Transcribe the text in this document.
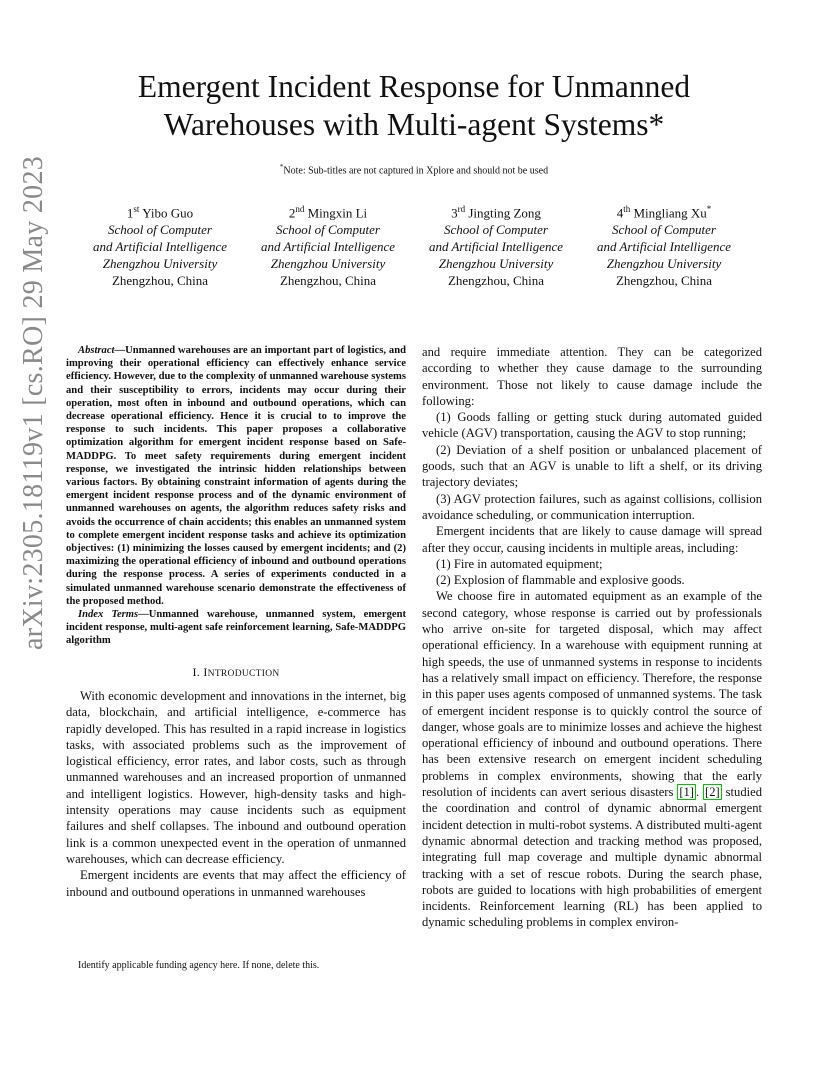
arXiv:2305.18119v1 [cs.RO] 29 May 2023
Emergent Incident Response for Unmanned
Warehouses with Multi-agent Systems*
*Note: Sub-titles are not captured in Xplore and should not be used
1st Yibo Guo
School of Computer
and Artificial Intelligence
Zhengzhou University
Zhengzhou, China
2nd Mingxin Li
School of Computer
and Artificial Intelligence
Zhengzhou University
Zhengzhou, China
3rd Jingting Zong
School of Computer
and Artificial Intelligence
Zhengzhou University
Zhengzhou, China
4th Mingliang Xu*
School of Computer
and Artificial Intelligence
Zhengzhou University
Zhengzhou, China

Abstract—Unmanned warehouses are an important part of logistics, and improving their operational efficiency can effectively enhance service efficiency. However, due to the complexity of unmanned warehouse systems and their susceptibility to errors, incidents may occur during their operation, most often in inbound and outbound operations, which can decrease operational efficiency. Hence it is crucial to to improve the response to such incidents. This paper proposes a collaborative optimization algorithm for emergent incident response based on Safe-MADDPG. To meet safety requirements during emergent incident response, we investigated the intrinsic hidden relationships between various factors. By obtaining constraint information of agents during the emergent incident response process and of the dynamic environment of unmanned warehouses on agents, the algorithm reduces safety risks and avoids the occurrence of chain accidents; this enables an unmanned system to complete emergent incident response tasks and achieve its optimization objectives: (1) minimizing the losses caused by emergent incidents; and (2) maximizing the operational efficiency of inbound and outbound operations during the response process. A series of experiments conducted in a simulated unmanned warehouse scenario demonstrate the effectiveness of the proposed method.

Index Terms—Unmanned warehouse, unmanned system, emergent incident response, multi-agent safe reinforcement learning, Safe-MADDPG algorithm

I. INTRODUCTION

With economic development and innovations in the internet, big data, blockchain, and artificial intelligence, e-commerce has rapidly developed. This has resulted in a rapid increase in logistics tasks, with associated problems such as the improvement of logistical efficiency, error rates, and labor costs, such as through unmanned warehouses and an increased proportion of unmanned and intelligent logistics. However, high-density tasks and high-intensity operations may cause incidents such as equipment failures and shelf collapses. The inbound and outbound operation link is a common unexpected event in the operation of unmanned warehouses, which can decrease efficiency.

Emergent incidents are events that may affect the efficiency of inbound and outbound operations in unmanned warehouses

Identify applicable funding agency here. If none, delete this.

and require immediate attention. They can be categorized according to whether they cause damage to the surrounding environment. Those not likely to cause damage include the following:

(1) Goods falling or getting stuck during automated guided vehicle (AGV) transportation, causing the AGV to stop running;

(2) Deviation of a shelf position or unbalanced placement of goods, such that an AGV is unable to lift a shelf, or its driving trajectory deviates;

(3) AGV protection failures, such as against collisions, collision avoidance scheduling, or communication interruption.

Emergent incidents that are likely to cause damage will spread after they occur, causing incidents in multiple areas, including:

(1) Fire in automated equipment;

(2) Explosion of flammable and explosive goods.

We choose fire in automated equipment as an example of the second category, whose response is carried out by professionals who arrive on-site for targeted disposal, which may affect operational efficiency. In a warehouse with equipment running at high speeds, the use of unmanned systems in response to incidents has a relatively small impact on efficiency. Therefore, the response in this paper uses agents composed of unmanned systems. The task of emergent incident response is to quickly control the source of danger, whose goals are to minimize losses and achieve the highest operational efficiency of inbound and outbound operations. There has been extensive research on emergent incident scheduling problems in complex environments, showing that the early resolution of incidents can avert serious disasters [1] . [2] studied the coordination and control of dynamic abnormal emergent incident detection in multi-robot systems. A distributed multi-agent dynamic abnormal detection and tracking method was proposed, integrating full map coverage and multiple dynamic abnormal tracking with a set of rescue robots. During the search phase, robots are guided to locations with high probabilities of emergent incidents. Reinforcement learning (RL) has been applied to dynamic scheduling problems in complex environ-
